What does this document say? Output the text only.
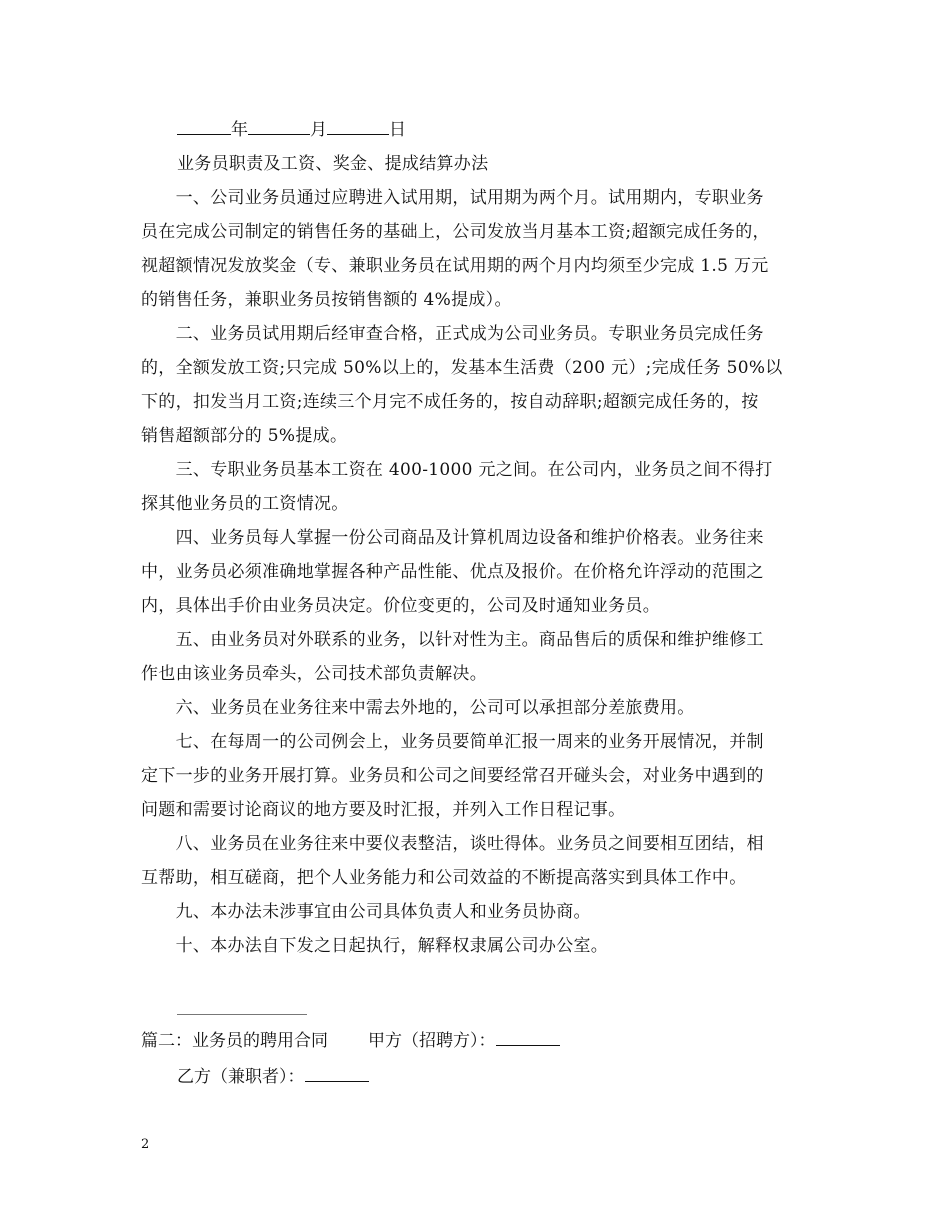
年	月	日
业务员职责及工资、奖金、提成结算办法
　　一、公司业务员通过应聘进入试用期，试用期为两个月。试用期内，专职业务
员在完成公司制定的销售任务的基础上，公司发放当月基本工资;超额完成任务的，
视超额情况发放奖金（专、兼职业务员在试用期的两个月内均须至少完成 1.5 万元
的销售任务，兼职业务员按销售额的 4%提成）。
　　二、业务员试用期后经审查合格，正式成为公司业务员。专职业务员完成任务
的，全额发放工资;只完成 50%以上的，发基本生活费（200 元）;完成任务 50%以
下的，扣发当月工资;连续三个月完不成任务的，按自动辞职;超额完成任务的，按
销售超额部分的 5%提成。
　　三、专职业务员基本工资在 400-1000 元之间。在公司内，业务员之间不得打
探其他业务员的工资情况。
　　四、业务员每人掌握一份公司商品及计算机周边设备和维护价格表。业务往来
中，业务员必须准确地掌握各种产品性能、优点及报价。在价格允许浮动的范围之
内，具体出手价由业务员决定。价位变更的，公司及时通知业务员。
　　五、由业务员对外联系的业务，以针对性为主。商品售后的质保和维护维修工
作也由该业务员牵头，公司技术部负责解决。
　　六、业务员在业务往来中需去外地的，公司可以承担部分差旅费用。
　　七、在每周一的公司例会上，业务员要简单汇报一周来的业务开展情况，并制
定下一步的业务开展打算。业务员和公司之间要经常召开碰头会，对业务中遇到的
问题和需要讨论商议的地方要及时汇报，并列入工作日程记事。
　　八、业务员在业务往来中要仪表整洁，谈吐得体。业务员之间要相互团结，相
互帮助，相互磋商，把个人业务能力和公司效益的不断提高落实到具体工作中。
　　九、本办法未涉事宜由公司具体负责人和业务员协商。
　　十、本办法自下发之日起执行，解释权隶属公司办公室。
篇二：业务员的聘用合同 甲方（招聘方）：
乙方（兼职者）：
2
